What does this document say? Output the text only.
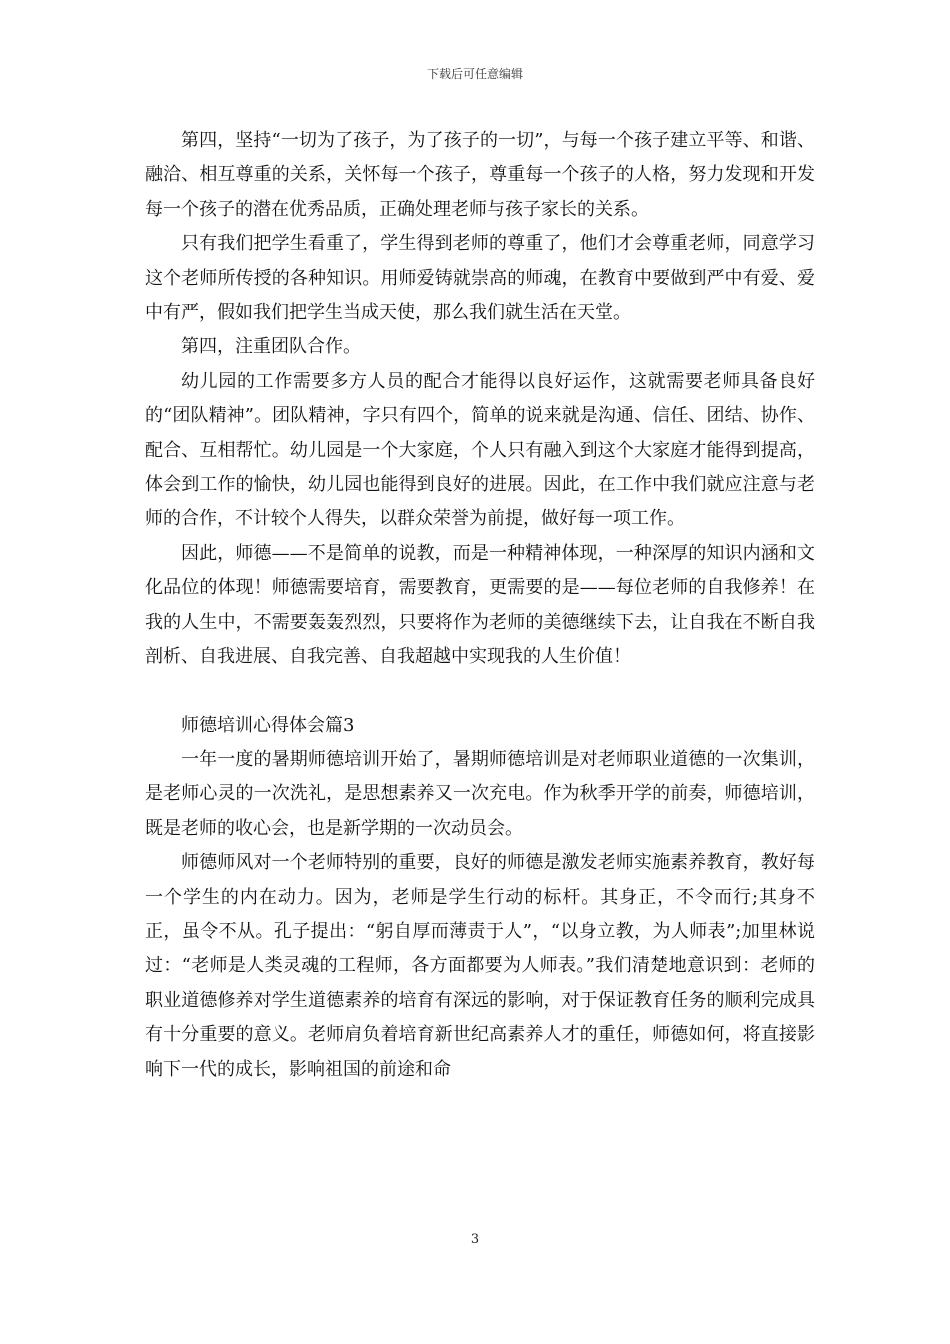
下载后可任意编辑

第四，坚持“一切为了孩子，为了孩子的一切”，与每一个孩子建立平等、和谐、融洽、相互尊重的关系，关怀每一个孩子，尊重每一个孩子的人格，努力发现和开发每一个孩子的潜在优秀品质，正确处理老师与孩子家长的关系。

只有我们把学生看重了，学生得到老师的尊重了，他们才会尊重老师，同意学习这个老师所传授的各种知识。用师爱铸就崇高的师魂，在教育中要做到严中有爱、爱中有严，假如我们把学生当成天使，那么我们就生活在天堂。

第四，注重团队合作。

幼儿园的工作需要多方人员的配合才能得以良好运作，这就需要老师具备良好的“团队精神”。团队精神，字只有四个，简单的说来就是沟通、信任、团结、协作、配合、互相帮忙。幼儿园是一个大家庭，个人只有融入到这个大家庭才能得到提高，体会到工作的愉快，幼儿园也能得到良好的进展。因此，在工作中我们就应注意与老师的合作，不计较个人得失，以群众荣誉为前提，做好每一项工作。

因此，师德——不是简单的说教，而是一种精神体现，一种深厚的知识内涵和文化品位的体现！师德需要培育，需要教育，更需要的是——每位老师的自我修养！在我的人生中，不需要轰轰烈烈，只要将作为老师的美德继续下去，让自我在不断自我剖析、自我进展、自我完善、自我超越中实现我的人生价值！

师德培训心得体会篇3

一年一度的暑期师德培训开始了，暑期师德培训是对老师职业道德的一次集训，是老师心灵的一次洗礼，是思想素养又一次充电。作为秋季开学的前奏，师德培训，既是老师的收心会，也是新学期的一次动员会。

师德师风对一个老师特别的重要，良好的师德是激发老师实施素养教育，教好每一个学生的内在动力。因为，老师是学生行动的标杆。其身正，不令而行;其身不正，虽令不从。孔子提出：“躬自厚而薄责于人”，“以身立教，为人师表”;加里林说过：“老师是人类灵魂的工程师，各方面都要为人师表。”我们清楚地意识到：老师的职业道德修养对学生道德素养的培育有深远的影响，对于保证教育任务的顺利完成具有十分重要的意义。老师肩负着培育新世纪高素养人才的重任，师德如何，将直接影响下一代的成长，影响祖国的前途和命

3
